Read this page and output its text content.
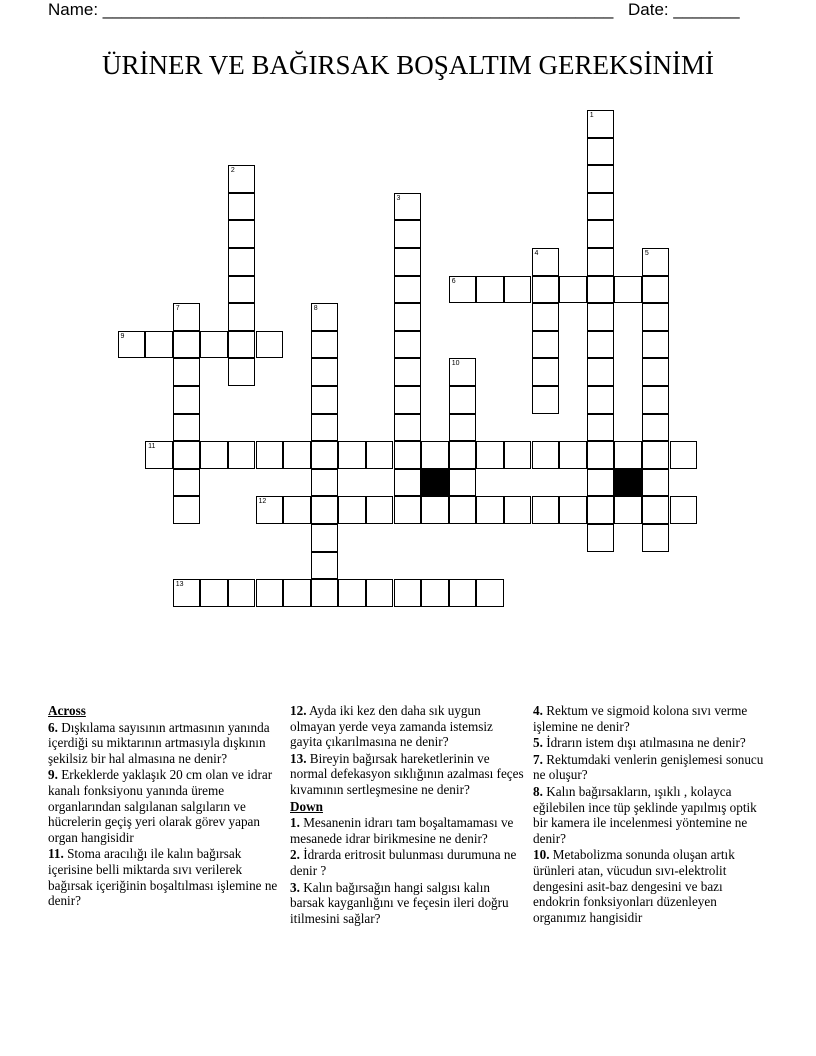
Name: ______________________________________________________ Date: _______
ÜRİNER VE BAĞIRSAK BOŞALTIM GEREKSİNİMİ
1
2
3
4	5
6
7	8
9
10
11
12
13

Across

6. Dışkılama sayısının artmasının yanında içerdiği su miktarının artmasıyla dışkının şekilsiz bir hal almasına ne denir?

9. Erkeklerde yaklaşık 20 cm olan ve idrar kanalı fonksiyonu yanında üreme organlarından salgılanan salgıların ve hücrelerin geçiş yeri olarak görev yapan organ hangisidir

11. Stoma aracılığı ile kalın bağırsak içerisine belli miktarda sıvı verilerek bağırsak içeriğinin boşaltılması işlemine ne denir?

12. Ayda iki kez den daha sık uygun olmayan yerde veya zamanda istemsiz gayita çıkarılmasına ne denir?

13. Bireyin bağırsak hareketlerinin ve normal defekasyon sıklığının azalması feçes kıvamının sertleşmesine ne denir?

Down

1. Mesanenin idrarı tam boşaltamaması ve mesanede idrar birikmesine ne denir?

2. İdrarda eritrosit bulunması durumuna ne denir ?

3. Kalın bağırsağın hangi salgısı kalın barsak kayganlığını ve feçesin ileri doğru itilmesini sağlar?

4. Rektum ve sigmoid kolona sıvı verme işlemine ne denir?

5. İdrarın istem dışı atılmasına ne denir?

7. Rektumdaki venlerin genişlemesi sonucu ne oluşur?

8. Kalın bağırsakların, ışıklı , kolayca eğilebilen ince tüp şeklinde yapılmış optik bir kamera ile incelenmesi yöntemine ne denir?

10. Metabolizma sonunda oluşan artık ürünleri atan, vücudun sıvı-elektrolit dengesini asit-baz dengesini ve bazı endokrin fonksiyonları düzenleyen organımız hangisidir
